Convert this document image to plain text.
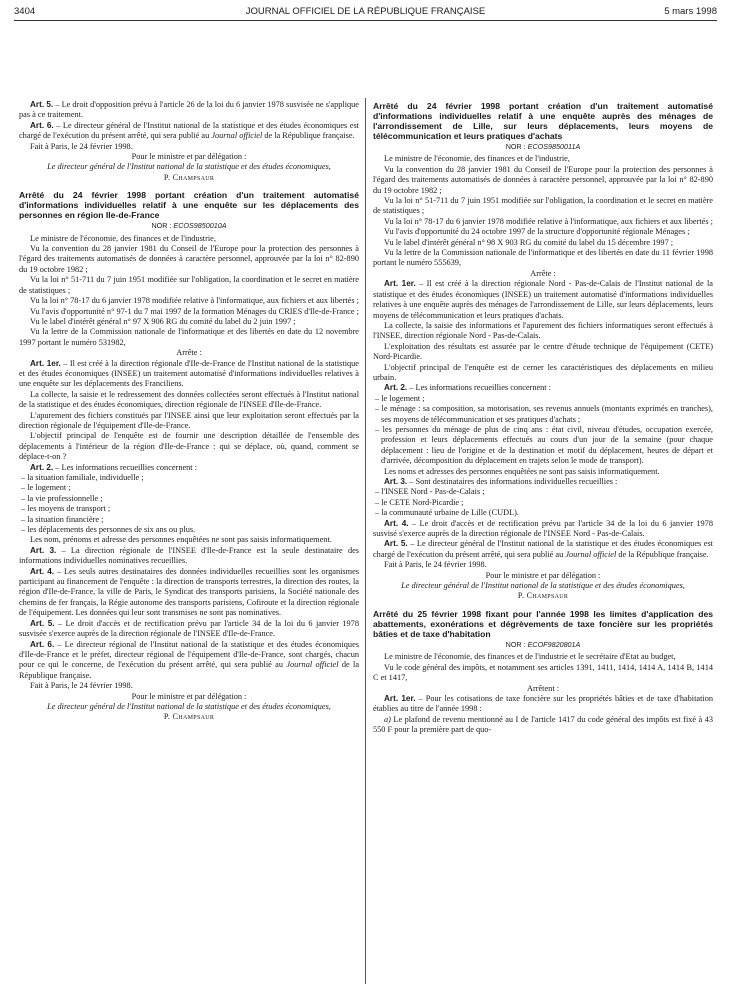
3404	JOURNAL OFFICIEL DE LA RÉPUBLIQUE FRANÇAISE	5 mars 1998

Art. 5. – Le droit d'opposition prévu à l'article 26 de la loi du 6 janvier 1978 susvisée ne s'applique pas à ce traitement.

Art. 6. – Le directeur général de l'Institut national de la statistique et des études économiques est chargé de l'exécution du présent arrêté, qui sera publié au Journal officiel de la République française.

Fait à Paris, le 24 février 1998.

Pour le ministre et par délégation :

Le directeur général de l'Institut national de la statistique et des études économiques,

P. Champsaur

Arrêté du 24 février 1998 portant création d'un traitement automatisé d'informations individuelles relatif à une enquête sur les déplacements des personnes en région Ile-de-France
NOR : ECOS9850010A

Le ministre de l'économie, des finances et de l'industrie,

Vu la convention du 28 janvier 1981 du Conseil de l'Europe pour la protection des personnes à l'égard des traitements automatisés de données à caractère personnel, approuvée par la loi n° 82-890 du 19 octobre 1982 ;

Vu la loi n° 51-711 du 7 juin 1951 modifiée sur l'obligation, la coordination et le secret en matière de statistiques ;

Vu la loi n° 78-17 du 6 janvier 1978 modifiée relative à l'informatique, aux fichiers et aux libertés ;

Vu l'avis d'opportunité n° 97-1 du 7 mai 1997 de la formation Ménages du CRIES d'Ile-de-France ;

Vu le label d'intérêt général n° 97 X 906 RG du comité du label du 2 juin 1997 ;

Vu la lettre de la Commission nationale de l'informatique et des libertés en date du 12 novembre 1997 portant le numéro 531982,

Arrête :

Art. 1er. – Il est créé à la direction régionale d'Ile-de-France de l'Institut national de la statistique et des études économiques (INSEE) un traitement automatisé d'informations individuelles relatives à une enquête sur les déplacements des Franciliens.

La collecte, la saisie et le redressement des données collectées seront effectués à l'Institut national de la statistique et des études économiques, direction régionale de l'INSEE d'Ile-de-France.

L'apurement des fichiers constitués par l'INSEE ainsi que leur exploitation seront effectués par la direction régionale de l'équipement d'Ile-de-France.

L'objectif principal de l'enquête est de fournir une description détaillée de l'ensemble des déplacements à l'intérieur de la région d'Ile-de-France : qui se déplace, où, quand, comment se déplace-t-on ?

Art. 2. – Les informations recueillies concernent :

– la situation familiale, individuelle ;

– le logement ;

– la vie professionnelle ;

– les moyens de transport ;

– la situation financière ;

– les déplacements des personnes de six ans ou plus.

Les nom, prénoms et adresse des personnes enquêtées ne sont pas saisis informatiquement.

Art. 3. – La direction régionale de l'INSEE d'Ile-de-France est la seule destinataire des informations individuelles nominatives recueillies.

Art. 4. – Les seuls autres destinataires des données individuelles recueillies sont les organismes participant au financement de l'enquête : la direction de transports terrestres, la direction des routes, la région d'Ile-de-France, la ville de Paris, le Syndicat des transports parisiens, la Société nationale des chemins de fer français, la Régie autonome des transports parisiens, Cofiroute et la direction régionale de l'équipement. Les données qui leur sont transmises ne sont pas nominatives.

Art. 5. – Le droit d'accès et de rectification prévu par l'article 34 de la loi du 6 janvier 1978 susvisée s'exerce auprès de la direction régionale de l'INSEE d'Ile-de-France.

Art. 6. – Le directeur régional de l'Institut national de la statistique et des études économiques d'Ile-de-France et le préfet, directeur régional de l'équipement d'Ile-de-France, sont chargés, chacun pour ce qui le concerne, de l'exécution du présent arrêté, qui sera publié au Journal officiel de la République française.

Fait à Paris, le 24 février 1998.

Pour le ministre et par délégation :

Le directeur général de l'Institut national de la statistique et des études économiques,

P. Champsaur

Arrêté du 24 février 1998 portant création d'un traitement automatisé d'informations individuelles relatif à une enquête auprès des ménages de l'arrondissement de Lille, sur leurs déplacements, leurs moyens de télécommunication et leurs pratiques d'achats
NOR : ECOS9850011A

Le ministre de l'économie, des finances et de l'industrie,

Vu la convention du 28 janvier 1981 du Conseil de l'Europe pour la protection des personnes à l'égard des traitements automatisés de données à caractère personnel, approuvée par la loi n° 82-890 du 19 octobre 1982 ;

Vu la loi n° 51-711 du 7 juin 1951 modifiée sur l'obligation, la coordination et le secret en matière de statistiques ;

Vu la loi n° 78-17 du 6 janvier 1978 modifiée relative à l'informatique, aux fichiers et aux libertés ;

Vu l'avis d'opportunité du 24 octobre 1997 de la structure d'opportunité régionale Ménages ;

Vu le label d'intérêt général n° 98 X 903 RG du comité du label du 15 décembre 1997 ;

Vu la lettre de la Commission nationale de l'informatique et des libertés en date du 11 février 1998 portant le numéro 555639,

Arrête :

Art. 1er. – Il est créé à la direction régionale Nord - Pas-de-Calais de l'Institut national de la statistique et des études économiques (INSEE) un traitement automatisé d'informations individuelles relatives à une enquête auprès des ménages de l'arrondissement de Lille, sur leurs déplacements, leurs moyens de télécommunication et leurs pratiques d'achats.

La collecte, la saisie des informations et l'apurement des fichiers informatiques seront effectués à l'INSEE, direction régionale Nord - Pas-de-Calais.

L'exploitation des résultats est assurée par le centre d'étude technique de l'équipement (CETE) Nord-Picardie.

L'objectif principal de l'enquête est de cerner les caractéristiques des déplacements en milieu urbain.

Art. 2. – Les informations recueillies concernent :

– le logement ;

– le ménage : sa composition, sa motorisation, ses revenus annuels (montants exprimés en tranches), ses moyens de télécommunication et ses pratiques d'achats ;

– les personnes du ménage de plus de cinq ans : état civil, niveau d'études, occupation exercée, profession et leurs déplacements effectués au cours d'un jour de la semaine (pour chaque déplacement : lieu de l'origine et de la destination et motif du déplacement, heures de départ et d'arrivée, décomposition du déplacement en trajets selon le mode de transport).

Les noms et adresses des personnes enquêtées ne sont pas saisis informatiquement.

Art. 3. – Sont destinataires des informations individuelles recueillies :

– l'INSEE Nord - Pas-de-Calais ;

– le CETE Nord-Picardie ;

– la communauté urbaine de Lille (CUDL).

Art. 4. – Le droit d'accès et de rectification prévu par l'article 34 de la loi du 6 janvier 1978 susvisé s'exerce auprès de la direction régionale de l'INSEE Nord - Pas-de-Calais.

Art. 5. – Le directeur général de l'Institut national de la statistique et des études économiques est chargé de l'exécution du présent arrêté, qui sera publié au Journal officiel de la République française.

Fait à Paris, le 24 février 1998.

Pour le ministre et par délégation :

Le directeur général de l'Institut national de la statistique et des études économiques,

P. Champsaur

Arrêté du 25 février 1998 fixant pour l'année 1998 les limites d'application des abattements, exonérations et dégrèvements de taxe foncière sur les propriétés bâties et de taxe d'habitation
NOR : ECOF9820801A

Le ministre de l'économie, des finances et de l'industrie et le secrétaire d'Etat au budget,

Vu le code général des impôts, et notamment ses articles 1391, 1411, 1414, 1414 A, 1414 B, 1414 C et 1417,

Arrêtent :

Art. 1er. – Pour les cotisations de taxe foncière sur les propriétés bâties et de taxe d'habitation établies au titre de l'année 1998 :

a) Le plafond de revenu mentionné au I de l'article 1417 du code général des impôts est fixé à 43 550 F pour la première part de quo-
